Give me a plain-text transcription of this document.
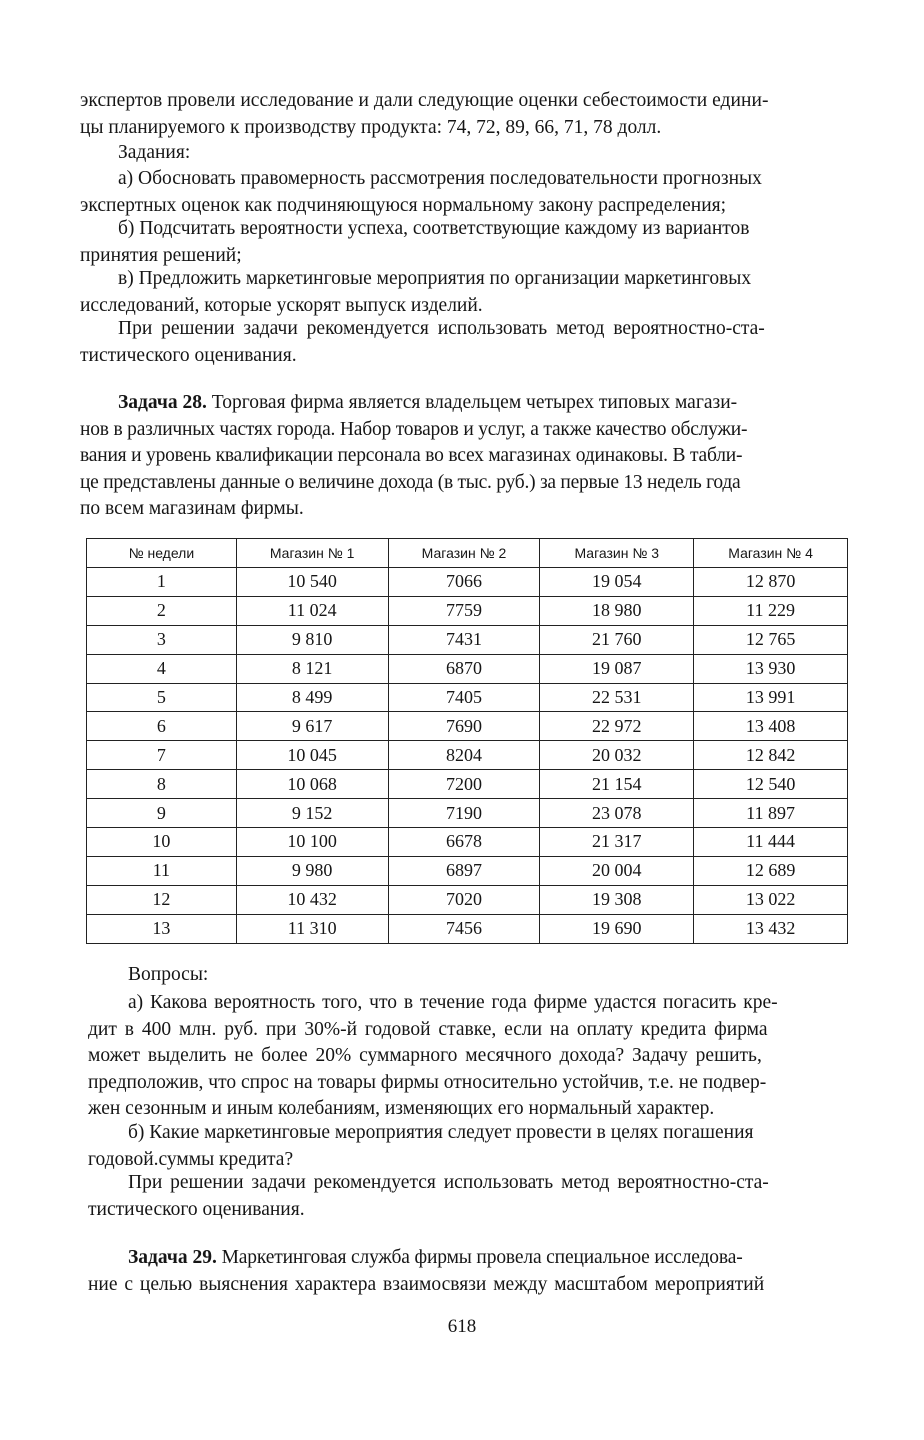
экспертов провели исследование и дали следующие оценки себестоимости едини-
цы планируемого к производству продукта: 74, 72, 89, 66, 71, 78 долл.
Задания:
а) Обосновать правомерность рассмотрения последовательности прогнозных
экспертных оценок как подчиняющуюся нормальному закону распределения;
б) Подсчитать вероятности успеха, соответствующие каждому из вариантов
принятия решений;
в) Предложить маркетинговые мероприятия по организации маркетинговых
исследований, которые ускорят выпуск изделий.
При решении задачи рекомендуется использовать метод вероятностно-ста-
тистического оценивания.
Задача 28. Торговая фирма является владельцем четырех типовых магази-
нов в различных частях города. Набор товаров и услуг, а также качество обслужи-
вания и уровень квалификации персонала во всех магазинах одинаковы. В табли-
це представлены данные о величине дохода (в тыс. руб.) за первые 13 недель года
по всем магазинам фирмы.
№ недели	Магазин № 1	Магазин № 2	Магазин № 3	Магазин № 4
1	10 540	7066	19 054	12 870
2	11 024	7759	18 980	11 229
3	9 810	7431	21 760	12 765
4	8 121	6870	19 087	13 930
5	8 499	7405	22 531	13 991
6	9 617	7690	22 972	13 408
7	10 045	8204	20 032	12 842
8	10 068	7200	21 154	12 540
9	9 152	7190	23 078	11 897
10	10 100	6678	21 317	11 444
11	9 980	6897	20 004	12 689
12	10 432	7020	19 308	13 022
13	11 310	7456	19 690	13 432
Вопросы:
а) Какова вероятность того, что в течение года фирме удастся погасить кре-
дит в 400 млн. руб. при 30%-й годовой ставке, если на оплату кредита фирма
может выделить не более 20% суммарного месячного дохода? Задачу решить,
предположив, что спрос на товары фирмы относительно устойчив, т.е. не подвер-
жен сезонным и иным колебаниям, изменяющих его нормальный характер.
б) Какие маркетинговые мероприятия следует провести в целях погашения
годовой.суммы кредита?
При решении задачи рекомендуется использовать метод вероятностно-ста-
тистического оценивания.
Задача 29. Маркетинговая служба фирмы провела специальное исследова-
ние с целью выяснения характера взаимосвязи между масштабом мероприятий
618
